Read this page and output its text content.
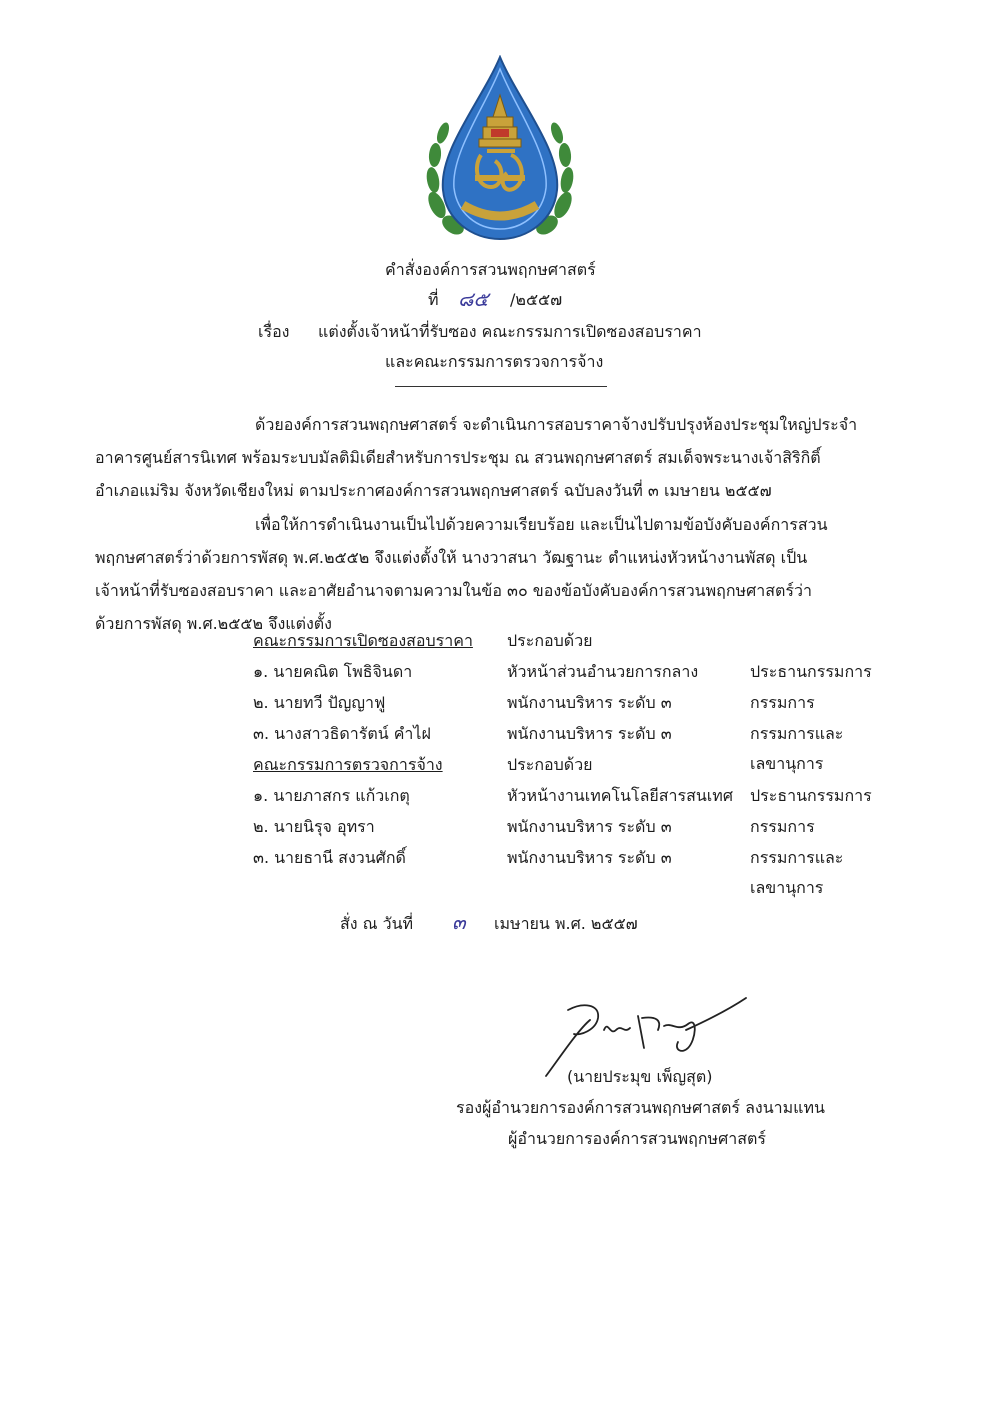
คำสั่งองค์การสวนพฤกษศาสตร์
ที่ ๘๕ /๒๕๕๗
เรื่อง แต่งตั้งเจ้าหน้าที่รับซอง คณะกรรมการเปิดซองสอบราคา
และคณะกรรมการตรวจการจ้าง

ด้วยองค์การสวนพฤกษศาสตร์ จะดำเนินการสอบราคาจ้างปรับปรุงห้องประชุมใหญ่ประจำ

อาคารศูนย์สารนิเทศ พร้อมระบบมัลติมิเดียสำหรับการประชุม ณ สวนพฤกษศาสตร์ สมเด็จพระนางเจ้าสิริกิติ์

อำเภอแม่ริม จังหวัดเชียงใหม่ ตามประกาศองค์การสวนพฤกษศาสตร์ ฉบับลงวันที่ ๓ เมษายน ๒๕๕๗

เพื่อให้การดำเนินงานเป็นไปด้วยความเรียบร้อย และเป็นไปตามข้อบังคับองค์การสวน

พฤกษศาสตร์ว่าด้วยการพัสดุ พ.ศ.๒๕๕๒ จึงแต่งตั้งให้ นางวาสนา วัฒฐานะ ตำแหน่งหัวหน้างานพัสดุ เป็น

เจ้าหน้าที่รับซองสอบราคา และอาศัยอำนาจตามความในข้อ ๓๐ ของข้อบังคับองค์การสวนพฤกษศาสตร์ว่า

ด้วยการพัสดุ พ.ศ.๒๕๕๒ จึงแต่งตั้ง

คณะกรรมการเปิดซองสอบราคา ประกอบด้วย
๑. นายคณิต โพธิจินดา	หัวหน้าส่วนอำนวยการกลาง	ประธานกรรมการ
๒. นายทวี ปัญญาฟู	พนักงานบริหาร ระดับ ๓	กรรมการ
๓. นางสาวธิดารัตน์ คำไฝ	พนักงานบริหาร ระดับ ๓	กรรมการและเลขานุการ
คณะกรรมการตรวจการจ้าง	ประกอบด้วย
๑. นายภาสกร แก้วเกตุ	หัวหน้างานเทคโนโลยีสารสนเทศ ประธานกรรมการ
๒. นายนิรุจ อุทรา	พนักงานบริหาร ระดับ ๓	กรรมการ
๓. นายธานี สงวนศักดิ์	พนักงานบริหาร ระดับ ๓	กรรมการและเลขานุการ
สั่ง ณ วันที่ ๓ เมษายน พ.ศ. ๒๕๕๗
(นายประมุข เพ็ญสุต)
รองผู้อำนวยการองค์การสวนพฤกษศาสตร์ ลงนามแทน
ผู้อำนวยการองค์การสวนพฤกษศาสตร์
